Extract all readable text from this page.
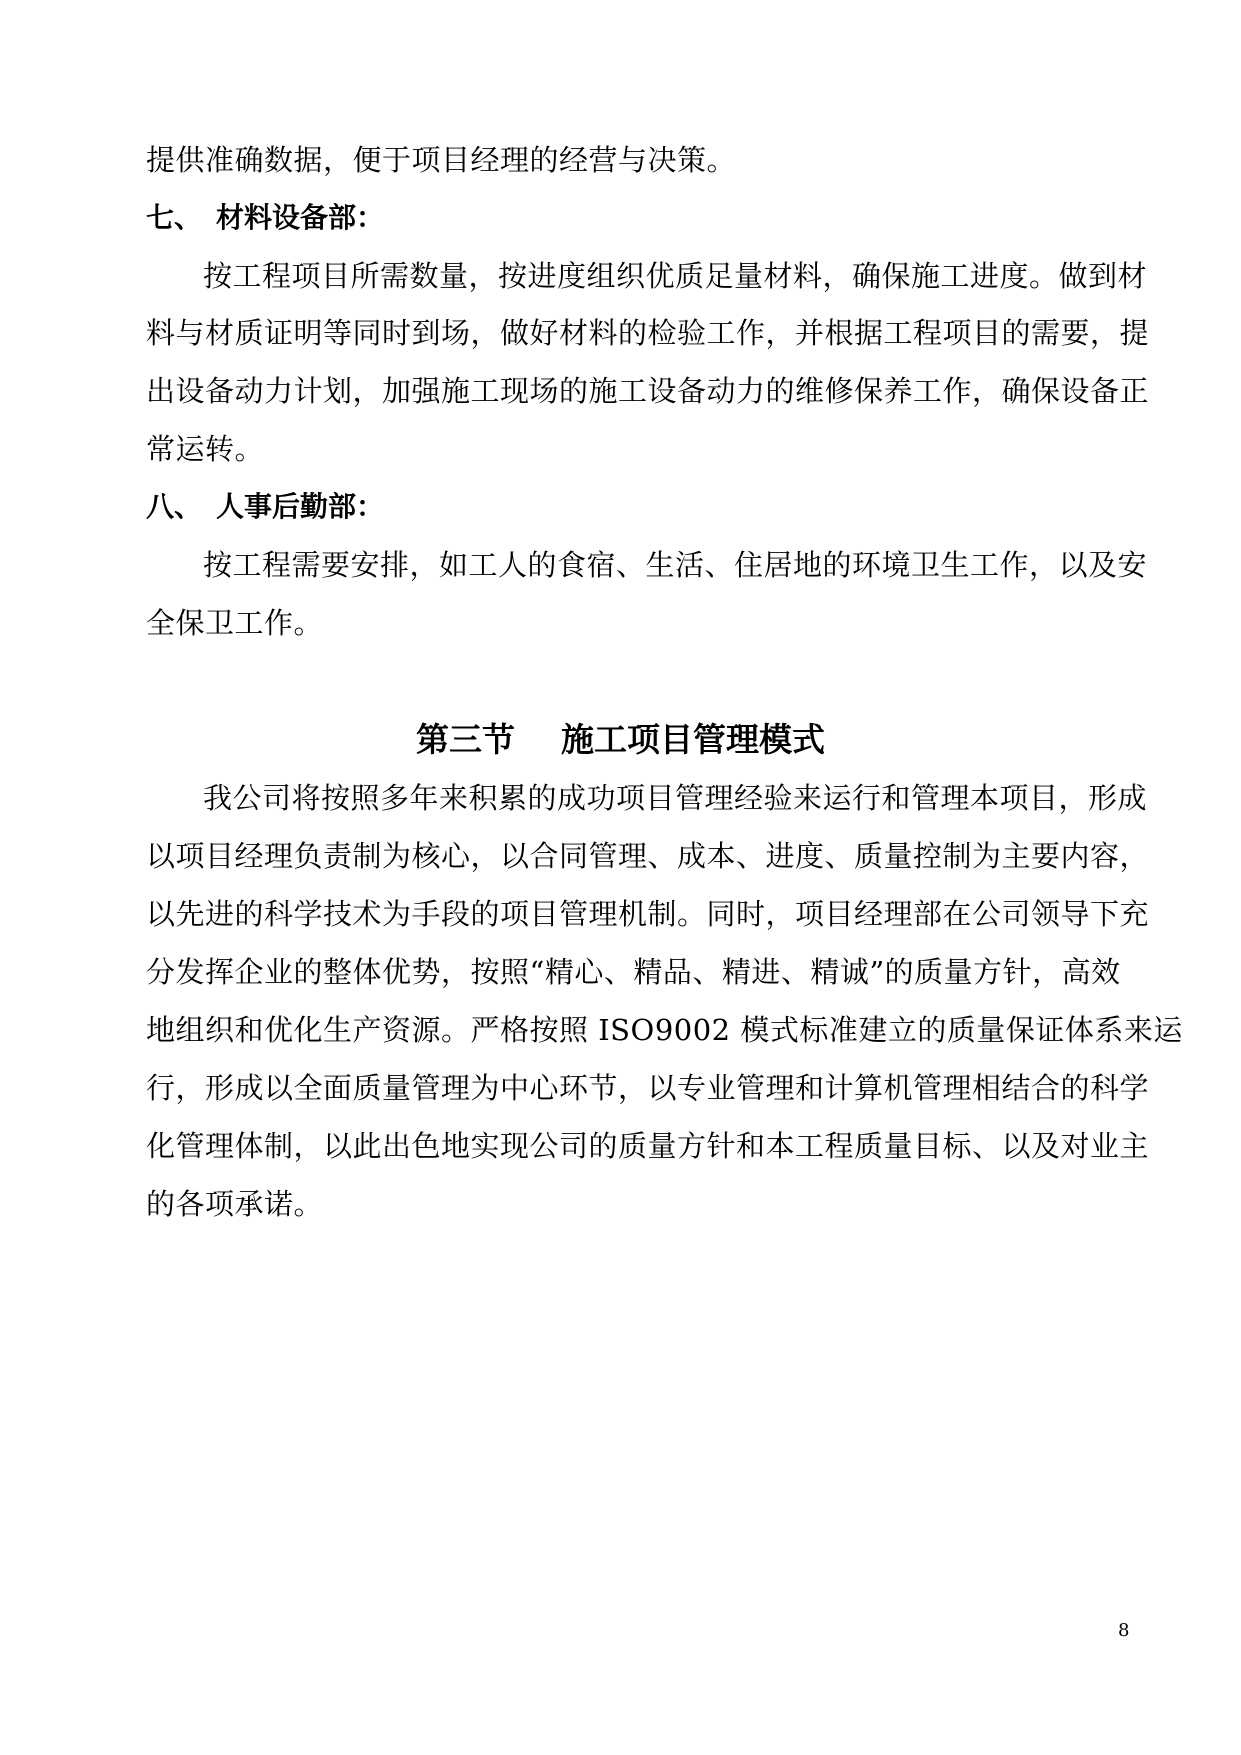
提供准确数据，便于项目经理的经营与决策。
七、 材料设备部：
按工程项目所需数量，按进度组织优质足量材料，确保施工进度。做到材
料与材质证明等同时到场，做好材料的检验工作，并根据工程项目的需要，提
出设备动力计划，加强施工现场的施工设备动力的维修保养工作，确保设备正
常运转。
八、 人事后勤部：
按工程需要安排，如工人的食宿、生活、住居地的环境卫生工作，以及安
全保卫工作。
第三节    施工项目管理模式
我公司将按照多年来积累的成功项目管理经验来运行和管理本项目，形成
以项目经理负责制为核心，以合同管理、成本、进度、质量控制为主要内容，
以先进的科学技术为手段的项目管理机制。同时，项目经理部在公司领导下充
分发挥企业的整体优势，按照“精心、精品、精进、精诚”的质量方针，高效
地组织和优化生产资源。严格按照 ISO9002 模式标准建立的质量保证体系来运
行，形成以全面质量管理为中心环节，以专业管理和计算机管理相结合的科学
化管理体制，以此出色地实现公司的质量方针和本工程质量目标、以及对业主
的各项承诺。
8
